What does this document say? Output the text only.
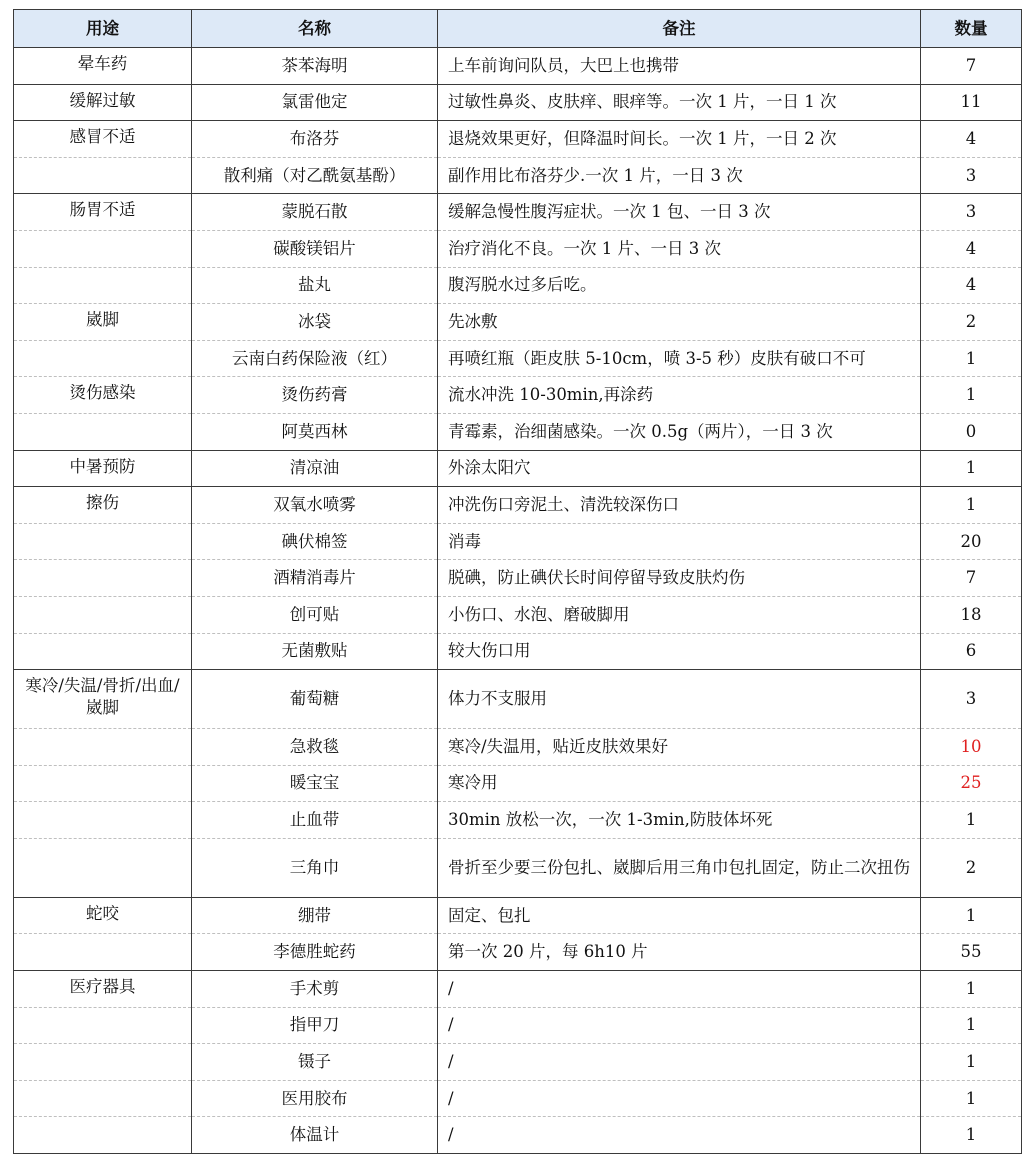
用途	名称	备注	数量
晕车药	茶苯海明	上车前询问队员，大巴上也携带	7
缓解过敏	氯雷他定	过敏性鼻炎、皮肤痒、眼痒等。一次 1 片，一日 1 次	11
感冒不适	布洛芬	退烧效果更好，但降温时间长。一次 1 片，一日 2 次	4
	散利痛（对乙酰氨基酚）	副作用比布洛芬少.一次 1 片，一日 3 次	3
肠胃不适	蒙脱石散	缓解急慢性腹泻症状。一次 1 包、一日 3 次	3
	碳酸镁铝片	治疗消化不良。一次 1 片、一日 3 次	4
	盐丸	腹泻脱水过多后吃。	4
崴脚	冰袋	先冰敷	2
	云南白药保险液（红）	再喷红瓶（距皮肤 5-10cm，喷 3-5 秒）皮肤有破口不可	1
烫伤感染	烫伤药膏	流水冲洗 10-30min,再涂药	1
	阿莫西林	青霉素，治细菌感染。一次 0.5g（两片），一日 3 次	0
中暑预防	清凉油	外涂太阳穴	1
擦伤	双氧水喷雾	冲洗伤口旁泥土、清洗较深伤口	1
	碘伏棉签	消毒	20
	酒精消毒片	脱碘，防止碘伏长时间停留导致皮肤灼伤	7
	创可贴	小伤口、水泡、磨破脚用	18
	无菌敷贴	较大伤口用	6
寒冷/失温/骨折/出血/崴脚	葡萄糖	体力不支服用	3
	急救毯	寒冷/失温用，贴近皮肤效果好	10
	暖宝宝	寒冷用	25
	止血带	30min 放松一次，一次 1-3min,防肢体坏死	1
	三角巾	骨折至少要三份包扎、崴脚后用三角巾包扎固定，防止二次扭伤	2
蛇咬	绷带	固定、包扎	1
	李德胜蛇药	第一次 20 片，每 6h10 片	55
医疗器具	手术剪	/	1
	指甲刀	/	1
	镊子	/	1
	医用胶布	/	1
	体温计	/	1
